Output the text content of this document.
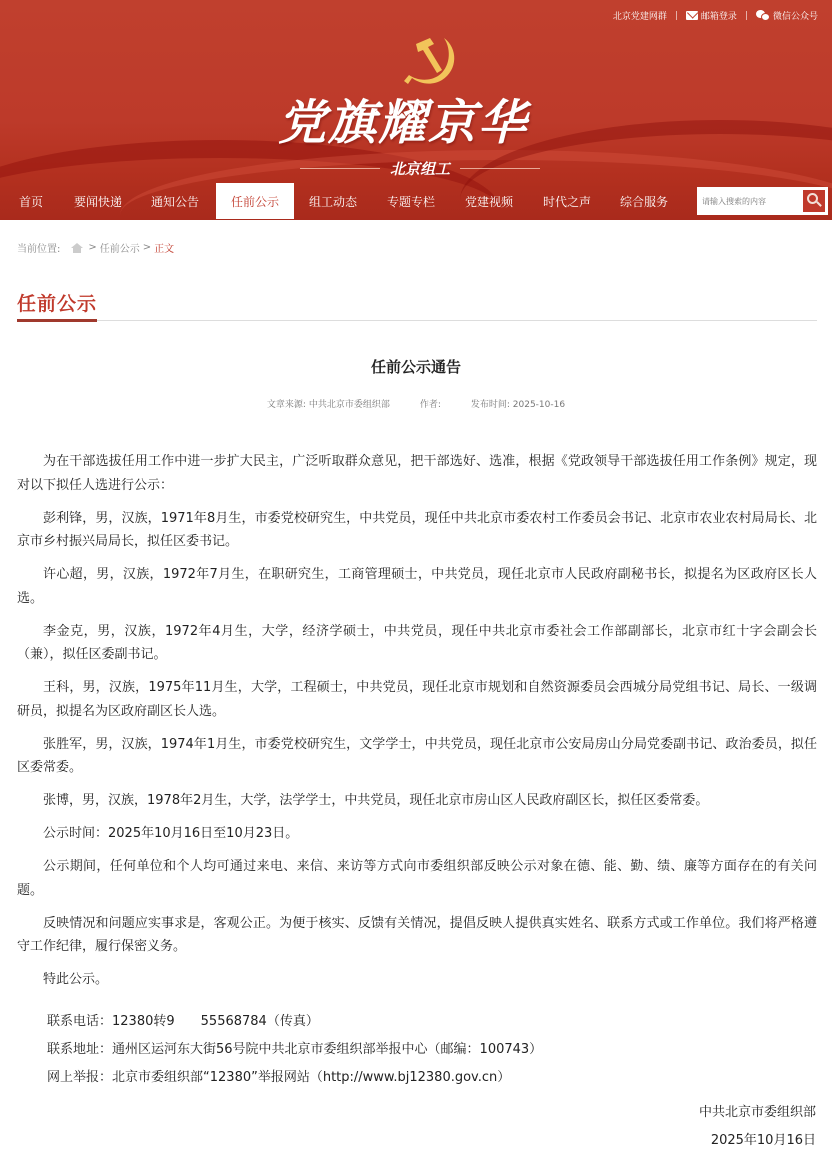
北京党建网群 |	邮箱登录 |	微信公众号
党旗耀京华
北京组工
首页	要闻快递 通知公告	任前公示 组工动态 专题专栏 党建视频 时代之声 综合服务
请输入搜索的内容
当前位置:	> 任前公示 > 正文
任前公示
任前公示通告
文章来源: 中共北京市委组织部	作者:	发布时间: 2025-10-16

为在干部选拔任用工作中进一步扩大民主，广泛听取群众意见，把干部选好、选准，根据《党政领导干部选拔任用工作条例》规定，现对以下拟任人选进行公示：

彭利锋，男，汉族，1971年8月生，市委党校研究生，中共党员，现任中共北京市委农村工作委员会书记、北京市农业农村局局长、北京市乡村振兴局局长，拟任区委书记。

许心超，男，汉族，1972年7月生，在职研究生，工商管理硕士，中共党员，现任北京市人民政府副秘书长，拟提名为区政府区长人选。

李金克，男，汉族，1972年4月生，大学，经济学硕士，中共党员，现任中共北京市委社会工作部副部长，北京市红十字会副会长（兼），拟任区委副书记。

王科，男，汉族，1975年11月生，大学，工程硕士，中共党员，现任北京市规划和自然资源委员会西城分局党组书记、局长、一级调研员，拟提名为区政府副区长人选。

张胜军，男，汉族，1974年1月生，市委党校研究生，文学学士，中共党员，现任北京市公安局房山分局党委副书记、政治委员，拟任区委常委。

张博，男，汉族，1978年2月生，大学，法学学士，中共党员，现任北京市房山区人民政府副区长，拟任区委常委。

公示时间：2025年10月16日至10月23日。

公示期间，任何单位和个人均可通过来电、来信、来访等方式向市委组织部反映公示对象在德、能、勤、绩、廉等方面存在的有关问题。

反映情况和问题应实事求是，客观公正。为便于核实、反馈有关情况，提倡反映人提供真实姓名、联系方式或工作单位。我们将严格遵守工作纪律，履行保密义务。

特此公示。

联系电话：12380转9 55568784（传真）
联系地址：通州区运河东大街56号院中共北京市委组织部举报中心（邮编：100743）
网上举报：北京市委组织部“12380”举报网站（http://www.bj12380.gov.cn）
中共北京市委组织部
2025年10月16日
